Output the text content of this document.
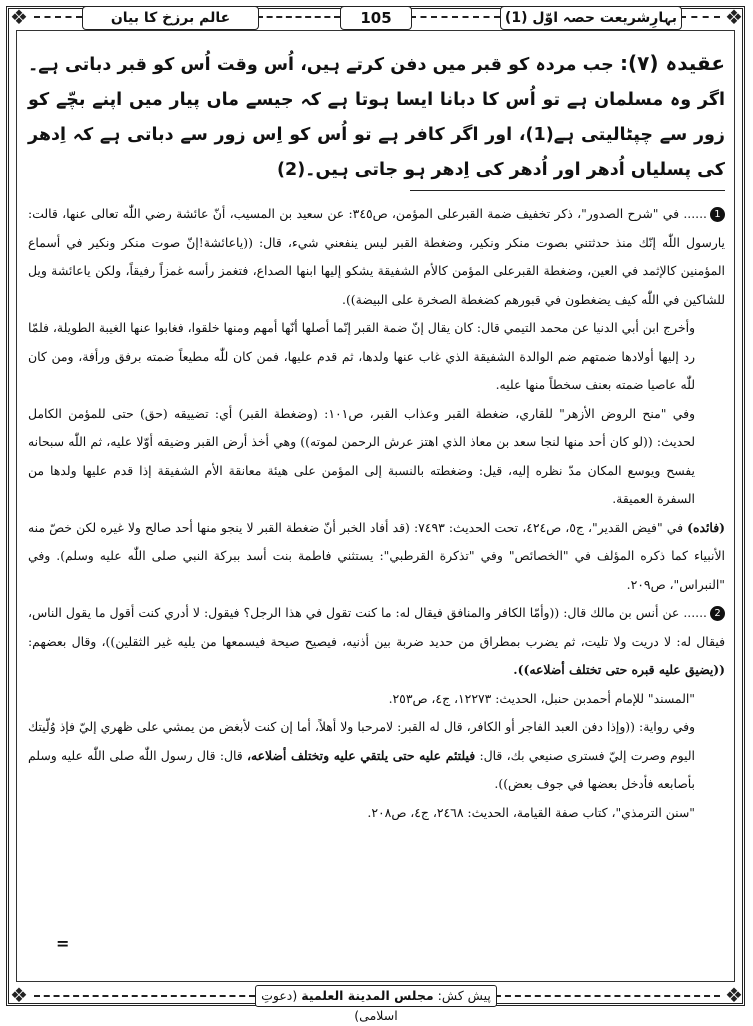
❖	❖
❖	❖
عالم برزخ کا بیان	105	بہارِشریعت حصہ اوّل (1)
عقیدہ (۷): جب مردہ کو قبر میں دفن کرتے ہیں، اُس وقت اُس کو قبر دباتی ہے۔ اگر وہ مسلمان ہے تو اُس کا دبانا ایسا ہوتا ہے کہ جیسے ماں پیار میں اپنے بچّے کو زور سے چپٹالیتی ہے(1)، اور اگر کافر ہے تو اُس کو اِس زور سے دباتی ہے کہ اِدھر کی پسلیاں اُدھر اور اُدھر کی اِدھر ہو جاتی ہیں۔(2)

1...... في "شرح الصدور"، ذكر تخفيف ضمة القبرعلى المؤمن، ص٣٤٥: عن سعيد بن المسيب، أنّ عائشة رضي اللّٰه تعالى عنها، قالت: يارسول اللّٰه إنّك منذ حدثتني بصوت منكر ونكير، وضغطة القبر ليس ينفعني شيء، قال: ((ياعائشة!إنّ صوت منكر ونكير في أسماع المؤمنين كالإثمد في العين، وضغطة القبرعلى المؤمن كالأم الشفيقة يشكو إليها ابنها الصداع، فتغمز رأسه غمزاً رفيقاً، ولكن ياعائشة ويل للشاكين في اللّٰه كيف يضغطون في قبورهم كضغطة الصخرة على البيضة)).

وأخرج ابن أبي الدنيا عن محمد التيمي قال: كان يقال إنّ ضمة القبر إنّما أصلها أنّها أمهم ومنها خلقوا، فغابوا عنها الغيبة الطويلة، فلمّا رد إليها أولادها ضمتهم ضم الوالدة الشفيقة الذي غاب عنها ولدها، ثم قدم عليها، فمن كان للّٰه مطيعاً ضمته برفق ورأفة، ومن كان للّٰه عاصيا ضمته بعنف سخطاً منها عليه.

وفي "منح الروض الأزهر" للقاري، ضغطة القبر وعذاب القبر، ص١٠١: (وضغطة القبر) أي: تضييقه (حق) حتى للمؤمن الكامل لحديث: ((لو كان أحد منها لنجا سعد بن معاذ الذي اهتز عرش الرحمن لموته)) وهي أخذ أرض القبر وضيقه أوّلا عليه، ثم اللّٰه سبحانه يفسح ويوسع المكان مدّ نظره إليه، قيل: وضغطته بالنسبة إلى المؤمن على هيئة معانقة الأم الشفيقة إذا قدم عليها ولدها من السفرة العميقة.

(فائده) في "فيض القدير"، ج٥، ص٤٢٤، تحت الحديث: ٧٤٩٣: (قد أفاد الخبر أنّ ضغطة القبر لا ينجو منها أحد صالح ولا غيره لكن خصّ منه الأنبياء كما ذكره المؤلف في "الخصائص" وفي "تذكرة القرطبي": يستثني فاطمة بنت أسد ببركة النبي صلى اللّٰه عليه وسلم). وفي "النبراس"، ص٢٠٩.

2...... عن أنس بن مالك قال: ((وأمّا الكافر والمنافق فيقال له: ما كنت تقول في هذا الرجل؟ فيقول: لا أدري كنت أقول ما يقول الناس، فيقال له: لا دريت ولا تليت، ثم يضرب بمطراق من حديد ضربة بين أذنيه، فيصيح صيحة فيسمعها من يليه غير الثقلين))، وقال بعضهم: ((يضيق عليه قبره حتى تختلف أضلاعه)).

"المسند" للإمام أحمدبن حنبل، الحديث: ١٢٢٧٣، ج٤، ص٢٥٣.

وفي رواية: ((وإذا دفن العبد الفاجر أو الكافر، قال له القبر: لامرحبا ولا أهلاً، أما إن كنت لأبغض من يمشي على ظهري إليّ فإذ وُلّيتك اليوم وصرت إليّ فسترى صنيعي بك، قال: فيلتئم عليه حتى يلتقي عليه وتختلف أضلاعه، قال: قال رسول اللّٰه صلى اللّٰه عليه وسلم بأصابعه فأدخل بعضها في جوف بعض)).

"سنن الترمذي"، كتاب صفة القيامة، الحديث: ٢٤٦٨، ج٤، ص٢٠٨.

=
پیش کش: مجلس المدينة العلمية (دعوتِ اسلامی)
